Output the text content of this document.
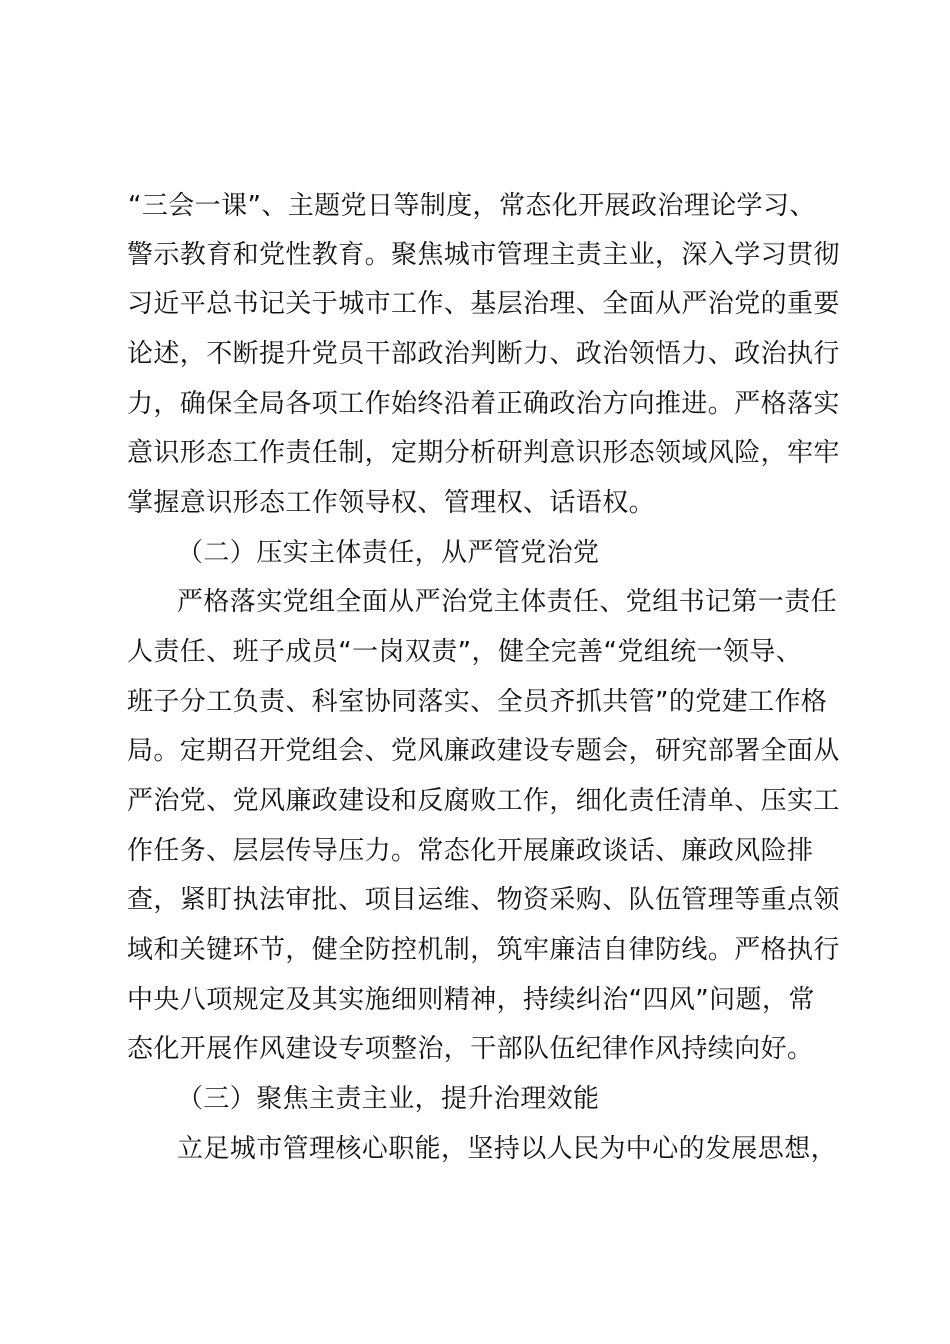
“三会一课”、主题党日等制度，常态化开展政治理论学习、
警示教育和党性教育。聚焦城市管理主责主业，深入学习贯彻
习近平总书记关于城市工作、基层治理、全面从严治党的重要
论述，不断提升党员干部政治判断力、政治领悟力、政治执行
力，确保全局各项工作始终沿着正确政治方向推进。严格落实
意识形态工作责任制，定期分析研判意识形态领域风险，牢牢
掌握意识形态工作领导权、管理权、话语权。
（二）压实主体责任，从严管党治党
严格落实党组全面从严治党主体责任、党组书记第一责任
人责任、班子成员“一岗双责”，健全完善“党组统一领导、
班子分工负责、科室协同落实、全员齐抓共管”的党建工作格
局。定期召开党组会、党风廉政建设专题会，研究部署全面从
严治党、党风廉政建设和反腐败工作，细化责任清单、压实工
作任务、层层传导压力。常态化开展廉政谈话、廉政风险排
查，紧盯执法审批、项目运维、物资采购、队伍管理等重点领
域和关键环节，健全防控机制，筑牢廉洁自律防线。严格执行
中央八项规定及其实施细则精神，持续纠治“四风”问题，常
态化开展作风建设专项整治，干部队伍纪律作风持续向好。
（三）聚焦主责主业，提升治理效能
立足城市管理核心职能，坚持以人民为中心的发展思想，
